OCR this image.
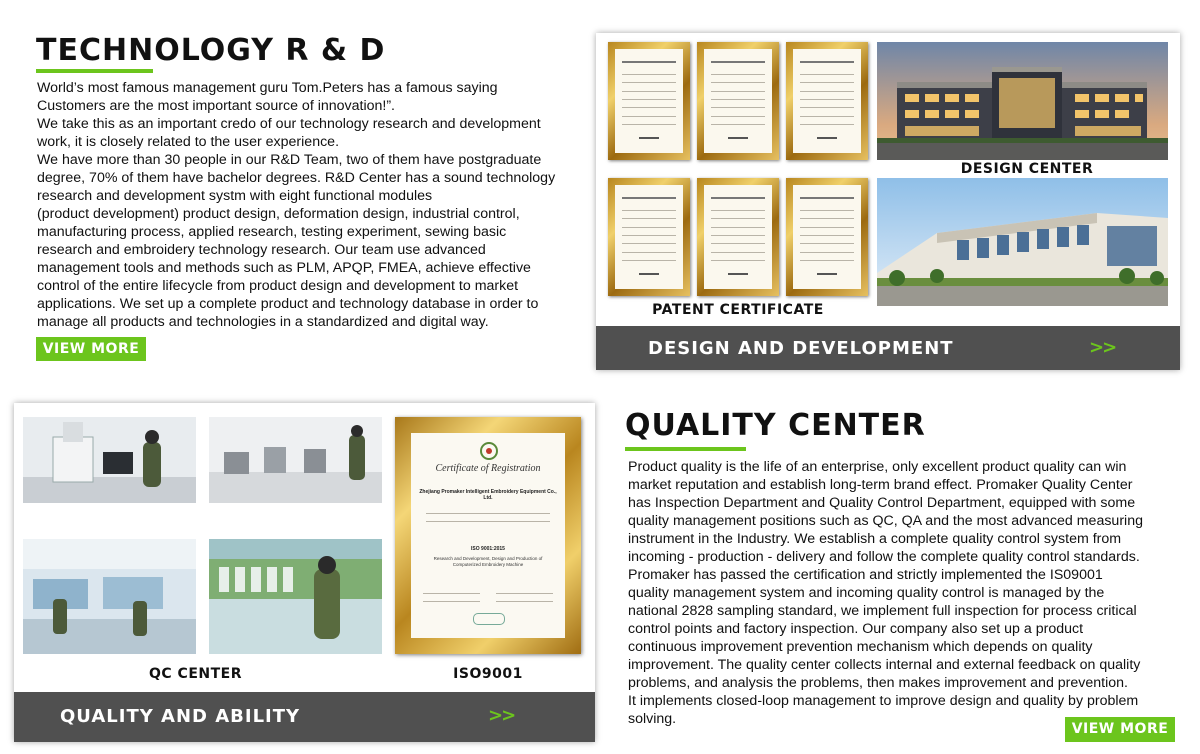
TECHNOLOGY R & D
World’s most famous management guru Tom.Peters has a famous saying
Customers are the most important source of innovation!”.
We take this as an important credo of our technology research and development
work, it is closely related to the user experience.
We have more than 30 people in our R&D Team, two of them have postgraduate
degree, 70% of them have bachelor degrees. R&D Center has a sound technology
research and development systm with eight functional modules
(product development) product design, deformation design, industrial control,
manufacturing process, applied research, testing experiment, sewing basic
research and embroidery technology research. Our team use advanced
management tools and methods such as PLM, APQP, FMEA, achieve effective
control of the entire lifecycle from product design and development to market
applications. We set up a complete product and technology database in order to
manage all products and technologies in a standardized and digital way.
VIEW MORE
DESIGN CENTER
PATENT CERTIFICATE
DESIGN AND DEVELOPMENT	>>
Certificate of Registration
Zhejiang Promaker Intelligent Embroidery Equipment Co., Ltd.
ISO 9001:2015
Research and Development, Design and Production of Computerized Embroidery Machine
QC CENTER	ISO9001
QUALITY AND ABILITY	>>
QUALITY CENTER
Product quality is the life of an enterprise, only excellent product quality can win
market reputation and establish long-term brand effect. Promaker Quality Center
has Inspection Department and Quality Control Department, equipped with some
quality management positions such as QC, QA and the most advanced measuring
instrument in the Industry. We establish a complete quality control system from
incoming - production - delivery and follow the complete quality control standards.
Promaker has passed the certification and strictly implemented the IS09001
quality management system and incoming quality control is managed by the
national 2828 sampling standard, we implement full inspection for process critical
control points and factory inspection. Our company also set up a product
continuous improvement prevention mechanism which depends on quality
improvement. The quality center collects internal and external feedback on quality
problems, and analysis the problems, then makes improvement and prevention.
It implements closed-loop management to improve design and quality by problem
solving.
VIEW MORE
